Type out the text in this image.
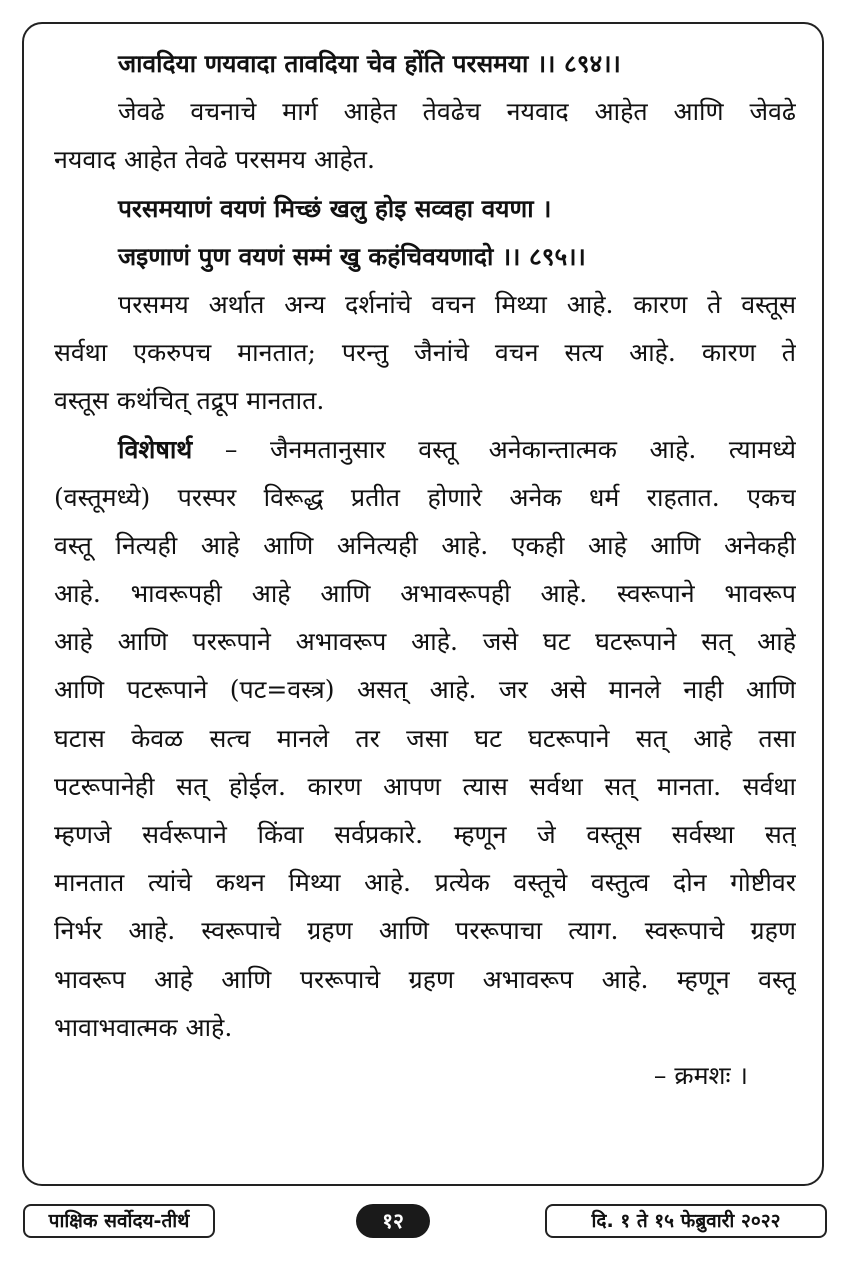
जावदिया णयवादा तावदिया चेव होंति परसमया ।। ८९४।।
जेवढे वचनाचे मार्ग आहेत तेवढेच नयवाद आहेत आणि जेवढे
नयवाद आहेत तेवढे परसमय आहेत.
परसमयाणं वयणं मिच्छं खलु होइ सव्वहा वयणा ।
जइणाणं पुण वयणं सम्मं खु कहंचिवयणादो ।। ८९५।।
परसमय अर्थात अन्य दर्शनांचे वचन मिथ्या आहे. कारण ते वस्तूस
सर्वथा एकरुपच मानतात; परन्तु जैनांचे वचन सत्य आहे. कारण ते
वस्तूस कथंचित् तद्रूप मानतात.
विशेषार्थ – जैनमतानुसार वस्तू अनेकान्तात्मक आहे. त्यामध्ये
(वस्तूमध्ये) परस्पर विरूद्ध प्रतीत होणारे अनेक धर्म राहतात. एकच
वस्तू नित्यही आहे आणि अनित्यही आहे. एकही आहे आणि अनेकही
आहे. भावरूपही आहे आणि अभावरूपही आहे. स्वरूपाने भावरूप
आहे आणि पररूपाने अभावरूप आहे. जसे घट घटरूपाने सत् आहे
आणि पटरूपाने (पट=वस्त्र) असत् आहे. जर असे मानले नाही आणि
घटास केवळ सत्च मानले तर जसा घट घटरूपाने सत् आहे तसा
पटरूपानेही सत् होईल. कारण आपण त्यास सर्वथा सत् मानता. सर्वथा
म्हणजे सर्वरूपाने किंवा सर्वप्रकारे. म्हणून जे वस्तूस सर्वस्था सत्
मानतात त्यांचे कथन मिथ्या आहे. प्रत्येक वस्तूचे वस्तुत्व दोन गोष्टीवर
निर्भर आहे. स्वरूपाचे ग्रहण आणि पररूपाचा त्याग. स्वरूपाचे ग्रहण
भावरूप आहे आणि पररूपाचे ग्रहण अभावरूप आहे. म्हणून वस्तू
भावाभवात्मक आहे.
– क्रमशः ।
पाक्षिक सर्वोदय-तीर्थ	१२	दि. १ ते १५ फेब्रुवारी २०२२
